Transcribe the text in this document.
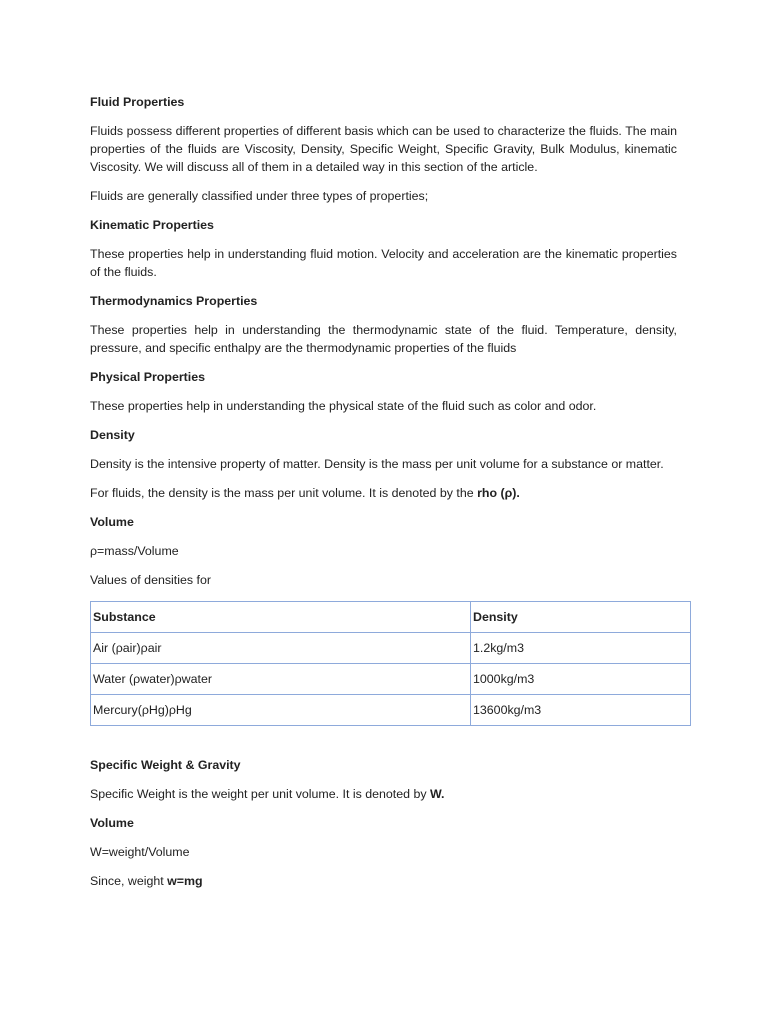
Fluid Properties

Fluids possess different properties of different basis which can be used to characterize the fluids. The main properties of the fluids are Viscosity, Density, Specific Weight, Specific Gravity, Bulk Modulus, kinematic Viscosity. We will discuss all of them in a detailed way in this section of the article.

Fluids are generally classified under three types of properties;

Kinematic Properties

These properties help in understanding fluid motion. Velocity and acceleration are the kinematic properties of the fluids.

Thermodynamics Properties

These properties help in understanding the thermodynamic state of the fluid. Temperature, density, pressure, and specific enthalpy are the thermodynamic properties of the fluids

Physical Properties

These properties help in understanding the physical state of the fluid such as color and odor.

Density

Density is the intensive property of matter. Density is the mass per unit volume for a substance or matter.

For fluids, the density is the mass per unit volume. It is denoted by the rho (ρ).

Volume

ρ=mass/Volume

Values of densities for

Substance	Density
Air (ρair)ρair	1.2kg/m3
Water (ρwater)ρwater	1000kg/m3
Mercury(ρHg)ρHg	13600kg/m3

Specific Weight & Gravity

Specific Weight is the weight per unit volume. It is denoted by W.

Volume

W=weight/Volume

Since, weight w=mg
